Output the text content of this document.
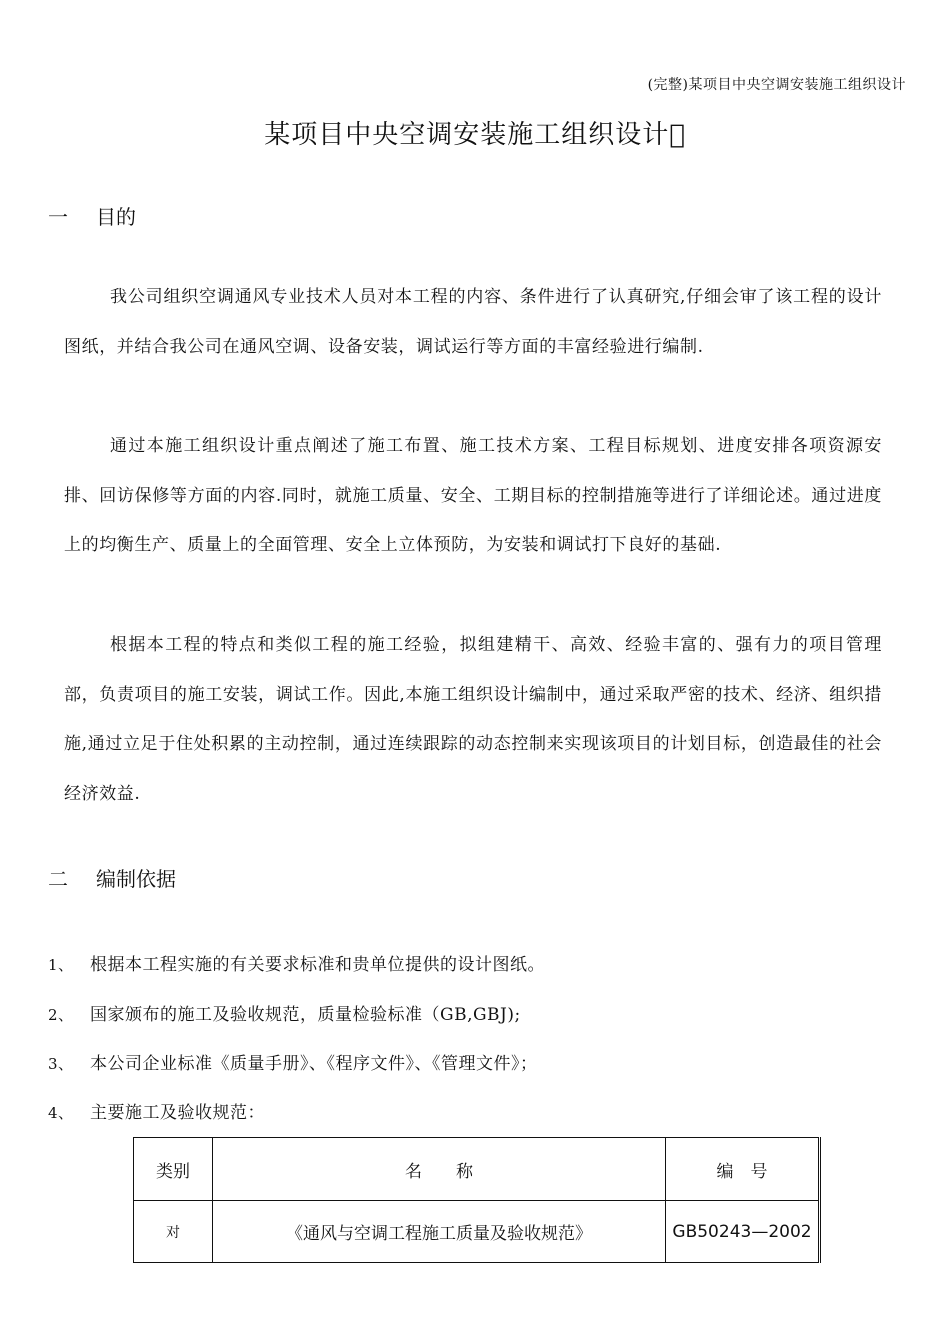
(完整)某项目中央空调安装施工组织设计
某项目中央空调安装施工组织设计 
一 目的

我公司组织空调通风专业技术人员对本工程的内容、条件进行了认真研究,仔细会审了该工程的设计图纸，并结合我公司在通风空调、设备安装，调试运行等方面的丰富经验进行编制.

通过本施工组织设计重点阐述了施工布置、施工技术方案、工程目标规划、进度安排各项资源安排、回访保修等方面的内容.同时，就施工质量、安全、工期目标的控制措施等进行了详细论述。通过进度上的均衡生产、质量上的全面管理、安全上立体预防，为安装和调试打下良好的基础.

根据本工程的特点和类似工程的施工经验，拟组建精干、高效、经验丰富的、强有力的项目管理部，负责项目的施工安装，调试工作。因此,本施工组织设计编制中，通过采取严密的技术、经济、组织措施,通过立足于住处积累的主动控制，通过连续跟踪的动态控制来实现该项目的计划目标，创造最佳的社会经济效益.

二 编制依据
1、 根据本工程实施的有关要求标准和贵单位提供的设计图纸。
2、 国家颁布的施工及验收规范，质量检验标准（GB,GBJ);
3、 本公司企业标准《质量手册》、《程序文件》、《管理文件》；
4、 主要施工及验收规范：
类别	名　　称	编　号
对	《通风与空调工程施工质量及验收规范》	GB50243—2002
